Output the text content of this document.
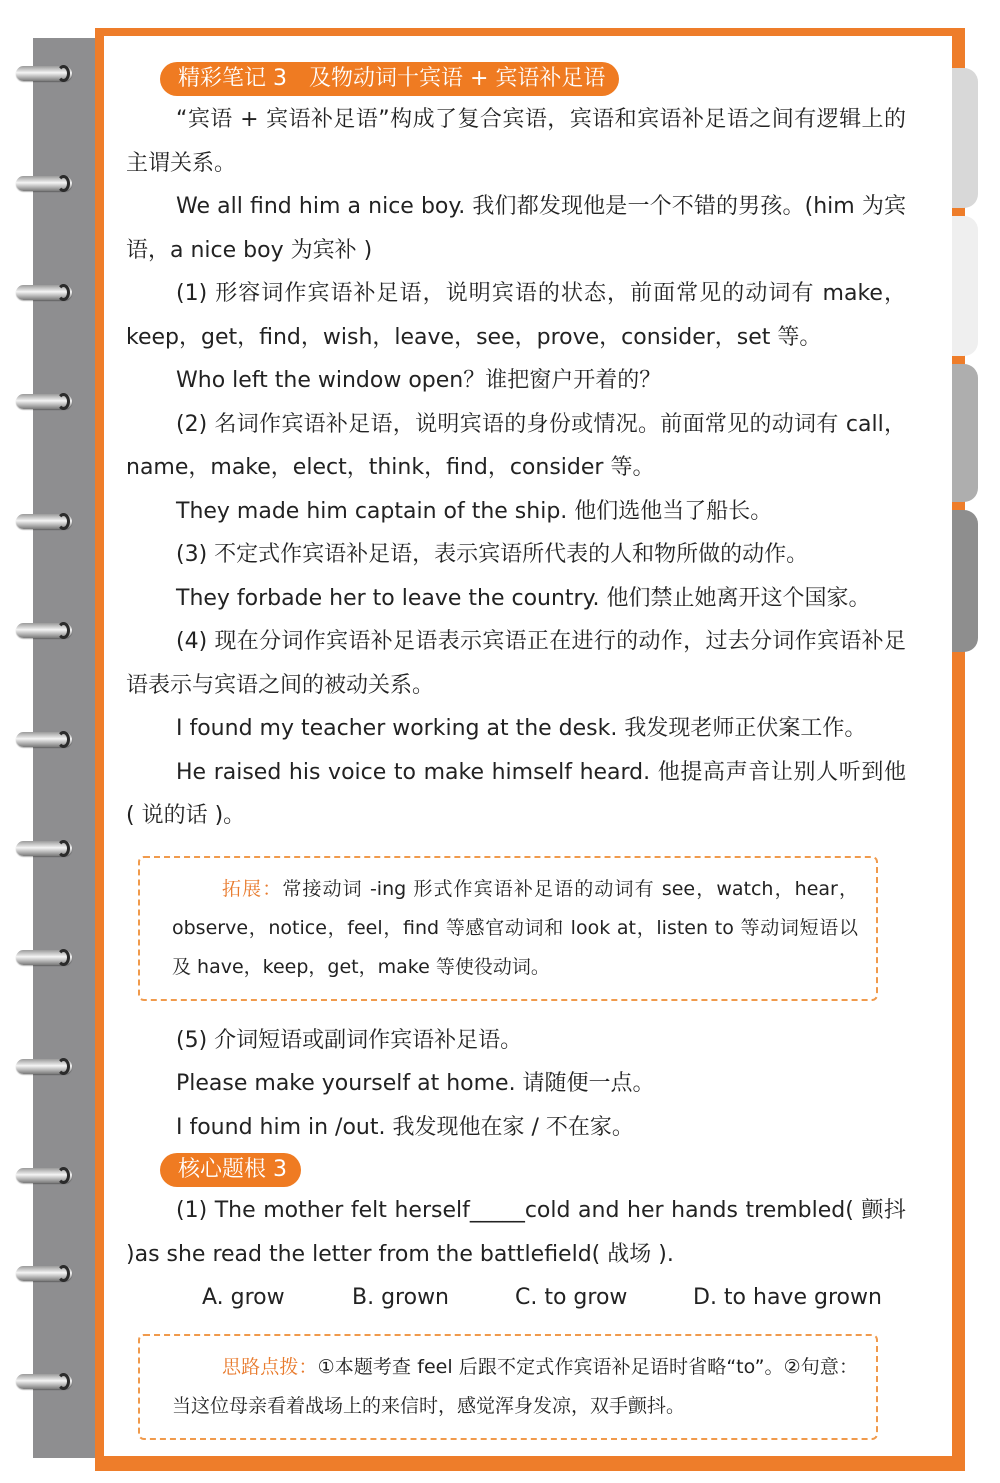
精彩笔记 3　及物动词十宾语 + 宾语补足语

“宾语 + 宾语补足语”构成了复合宾语，宾语和宾语补足语之间有逻辑上的主谓关系。

We all find him a nice boy. 我们都发现他是一个不错的男孩。(him 为宾语，a nice boy 为宾补 )

(1) 形容词作宾语补足语，说明宾语的状态，前面常见的动词有 make，keep，get，find，wish，leave，see，prove，consider，set 等。

Who left the window open？谁把窗户开着的？

(2) 名词作宾语补足语，说明宾语的身份或情况。前面常见的动词有 call，name，make，elect，think，find，consider 等。

They made him captain of the ship. 他们选他当了船长。

(3) 不定式作宾语补足语，表示宾语所代表的人和物所做的动作。

They forbade her to leave the country. 他们禁止她离开这个国家。

(4) 现在分词作宾语补足语表示宾语正在进行的动作，过去分词作宾语补足语表示与宾语之间的被动关系。

I found my teacher working at the desk. 我发现老师正伏案工作。

He raised his voice to make himself heard. 他提高声音让别人听到他 ( 说的话 )。

拓展：常接动词 -ing 形式作宾语补足语的动词有 see，watch，hear，observe，notice，feel，find 等感官动词和 look at，listen to 等动词短语以及 have，keep，get，make 等使役动词。

(5) 介词短语或副词作宾语补足语。

Please make yourself at home. 请随便一点。

I found him in /out. 我发现他在家 / 不在家。

核心题根 3

(1) The mother felt herself_____cold and her hands trembled( 颤抖 )as she read the letter from the battlefield( 战场 ).

A. grow	B. grown	C. to grow	D. to have grown

思路点拨：①本题考查 feel 后跟不定式作宾语补足语时省略“to”。②句意：当这位母亲看着战场上的来信时，感觉浑身发凉，双手颤抖。
